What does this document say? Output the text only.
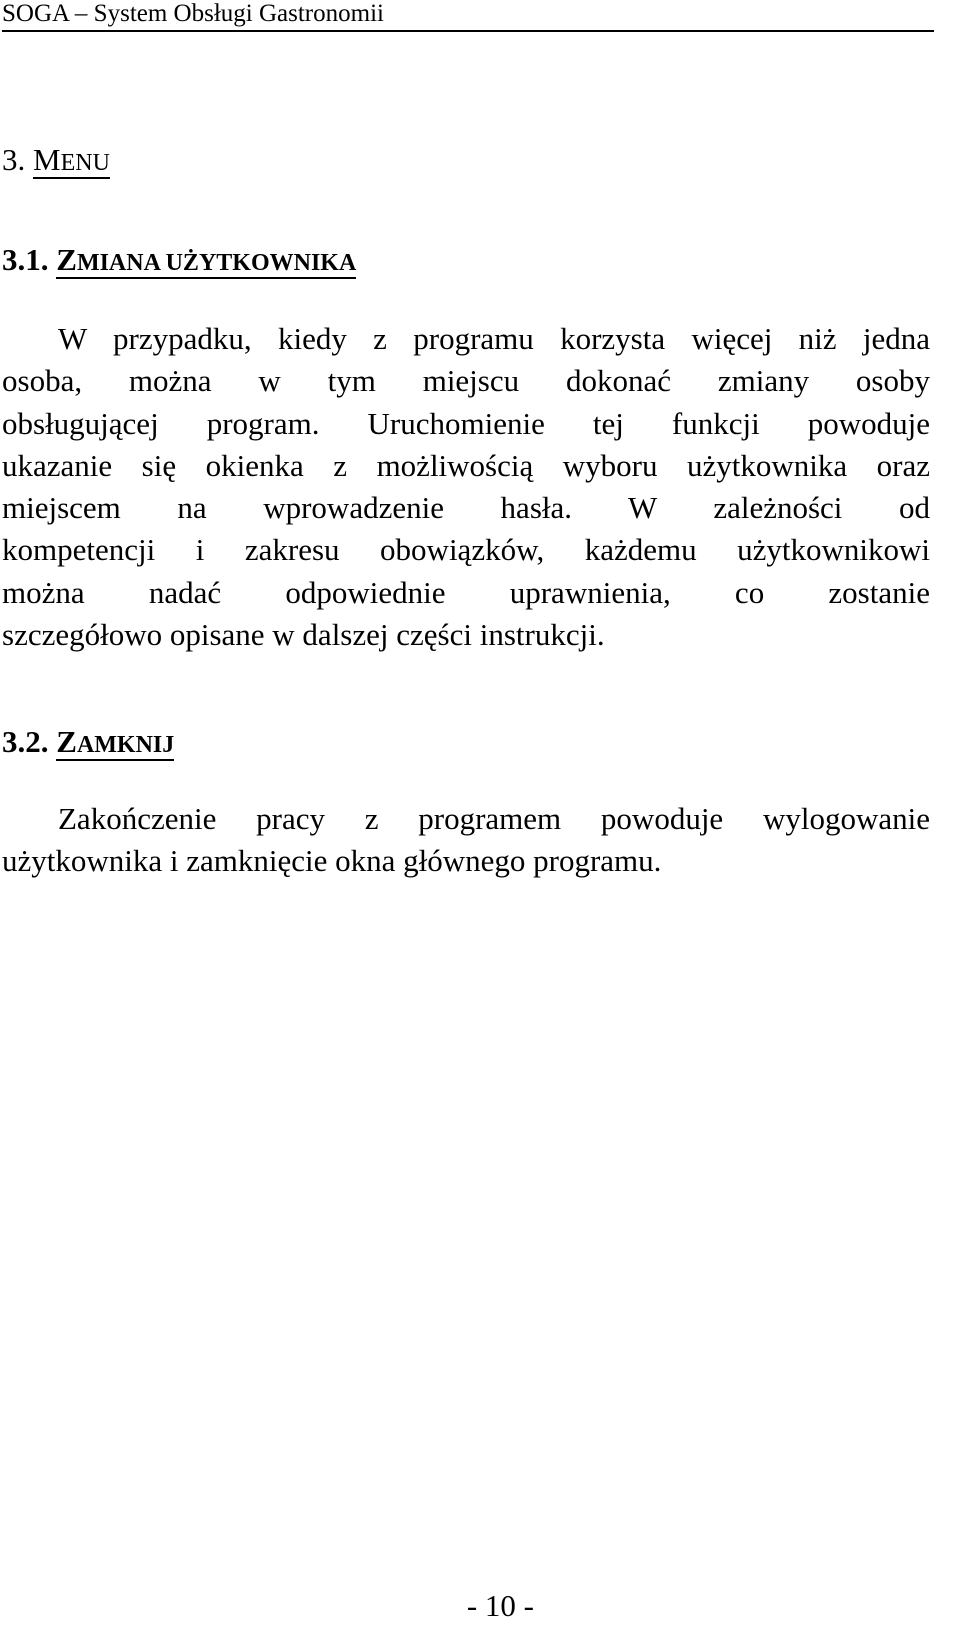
SOGA – System Obsługi Gastronomii
3. MENU
3.1. ZMIANA UŻYTKOWNIKA
W przypadku, kiedy z programu korzysta więcej niż jedna
osoba, można w tym miejscu dokonać zmiany osoby
obsługującej program. Uruchomienie tej funkcji powoduje
ukazanie się okienka z możliwością wyboru użytkownika oraz
miejscem na wprowadzenie hasła. W zależności od
kompetencji i zakresu obowiązków, każdemu użytkownikowi
można nadać odpowiednie uprawnienia, co zostanie
szczegółowo opisane w dalszej części instrukcji.
3.2. ZAMKNIJ
Zakończenie pracy z programem powoduje wylogowanie
użytkownika i zamknięcie okna głównego programu.
- 10 -
